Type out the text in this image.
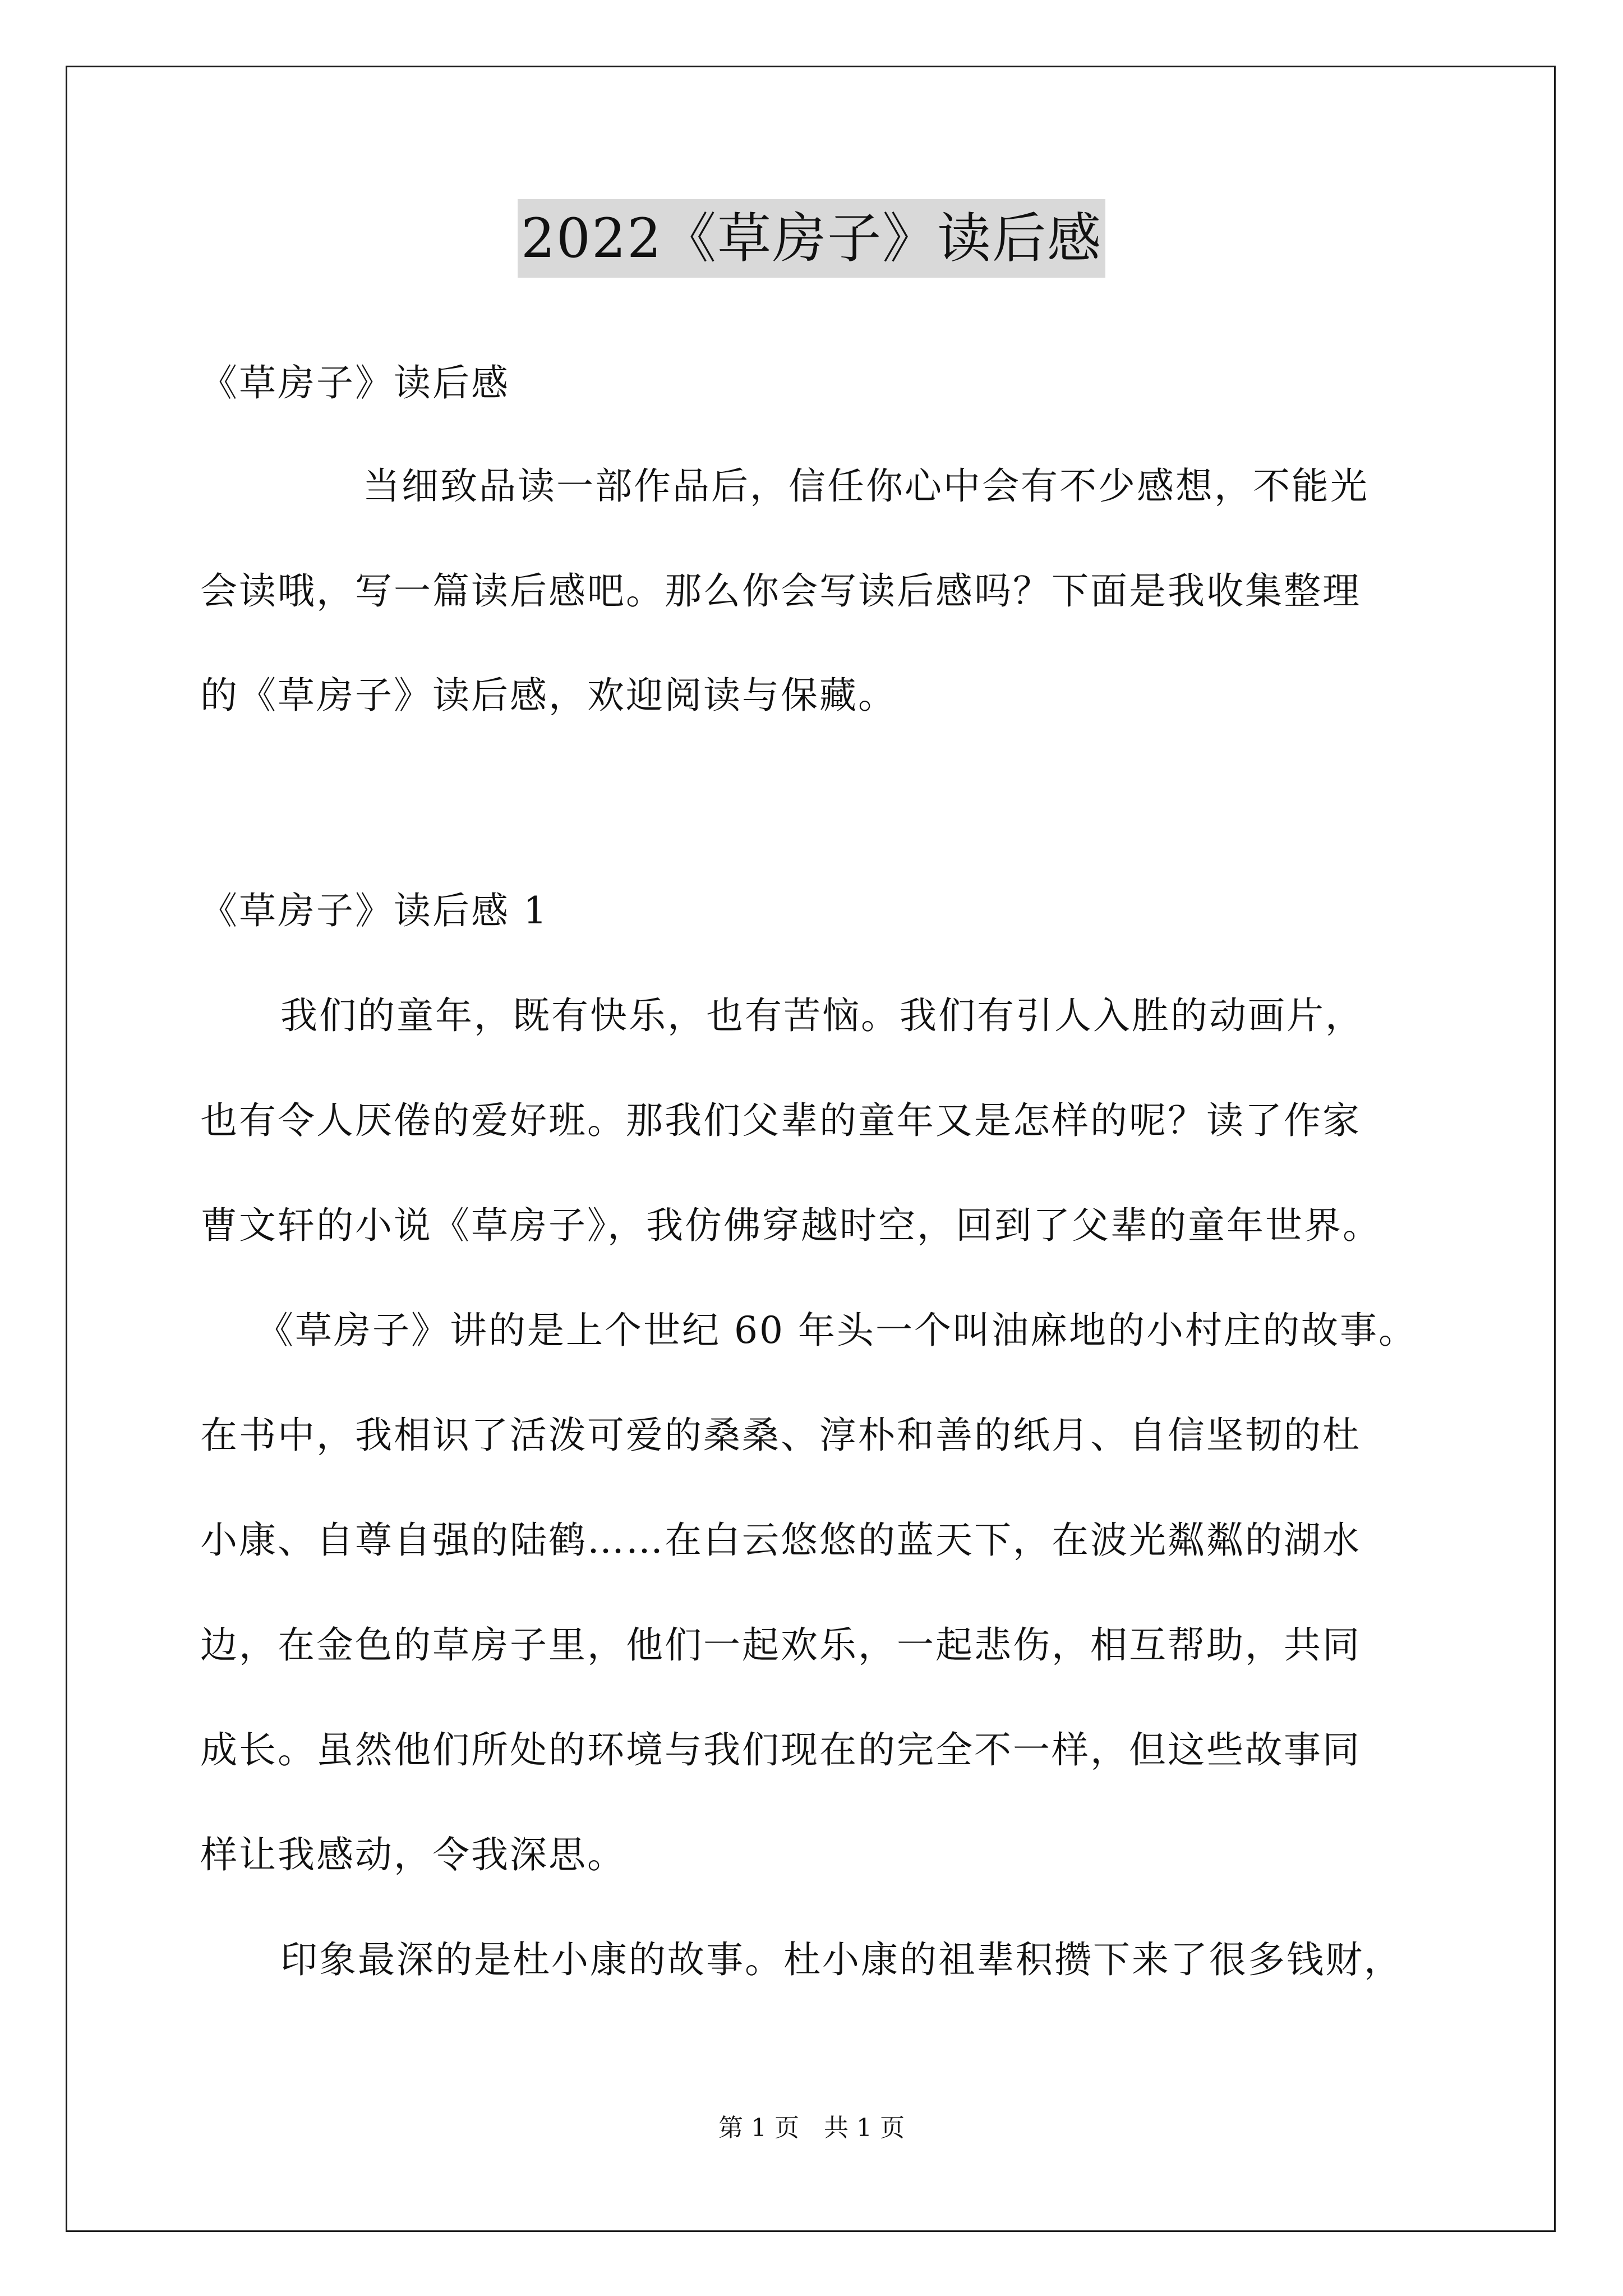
2022《草房子》读后感
《草房子》读后感
当细致品读一部作品后，信任你心中会有不少感想，不能光
会读哦，写一篇读后感吧。那么你会写读后感吗？下面是我收集整理
的《草房子》读后感，欢迎阅读与保藏。
《草房子》读后感 1
我们的童年，既有快乐，也有苦恼。我们有引人入胜的动画片，
也有令人厌倦的爱好班。那我们父辈的童年又是怎样的呢？读了作家
曹文轩的小说《草房子》，我仿佛穿越时空，回到了父辈的童年世界。
《草房子》讲的是上个世纪 60 年头一个叫油麻地的小村庄的故事。
在书中，我相识了活泼可爱的桑桑、淳朴和善的纸月、自信坚韧的杜
小康、自尊自强的陆鹤……在白云悠悠的蓝天下，在波光粼粼的湖水
边，在金色的草房子里，他们一起欢乐，一起悲伤，相互帮助，共同
成长。虽然他们所处的环境与我们现在的完全不一样，但这些故事同
样让我感动，令我深思。
印象最深的是杜小康的故事。杜小康的祖辈积攒下来了很多钱财，
第 1 页　共 1 页
